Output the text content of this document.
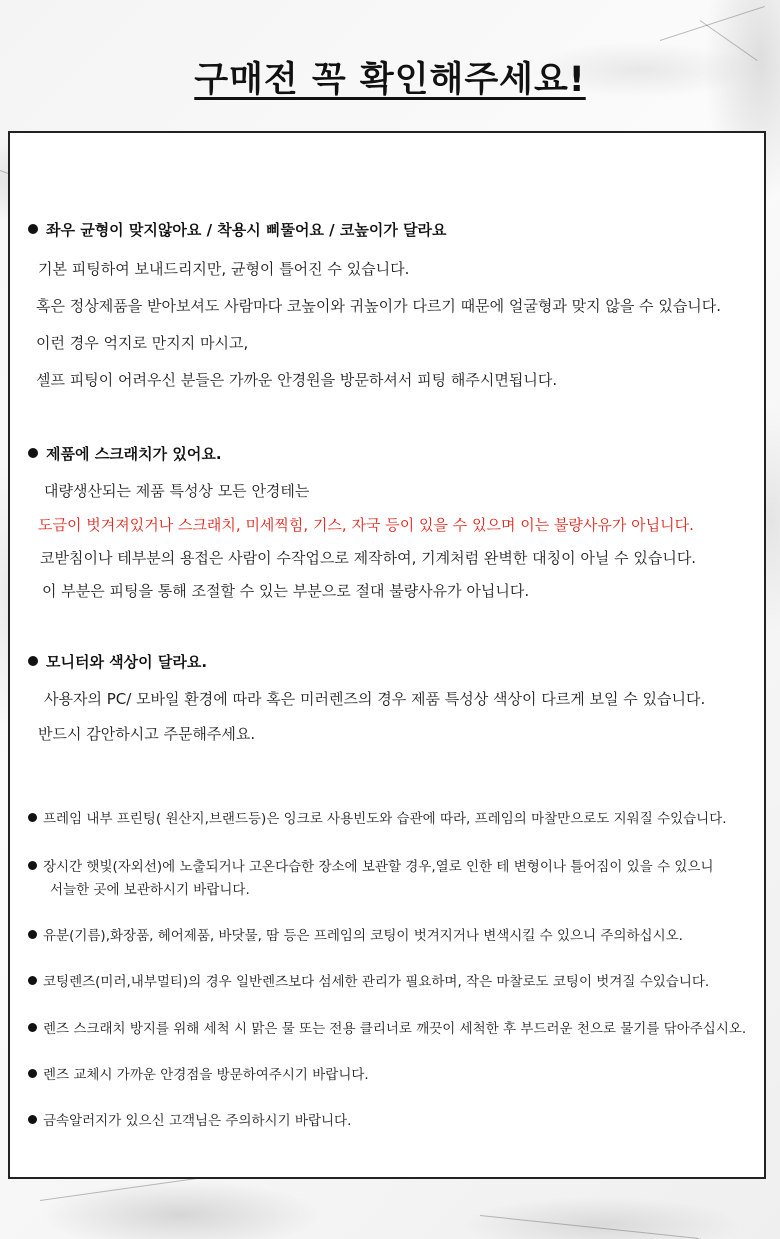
구매전 꼭 확인해주세요!
좌우 균형이 맞지않아요 / 착용시 삐뚤어요 / 코높이가 달라요
기본 피팅하여 보내드리지만, 균형이 틀어진 수 있습니다.
혹은 정상제품을 받아보셔도 사람마다 코높이와 귀높이가 다르기 때문에 얼굴형과 맞지 않을 수 있습니다.
이런 경우 억지로 만지지 마시고,
셀프 피팅이 어려우신 분들은 가까운 안경원을 방문하셔서 피팅 해주시면됩니다.
제품에 스크래치가 있어요.
대량생산되는 제품 특성상 모든 안경테는
도금이 벗겨져있거나 스크래치, 미세찍힘, 기스, 자국 등이 있을 수 있으며 이는 불량사유가 아닙니다.
코받침이나 테부분의 용접은 사람이 수작업으로 제작하여, 기계처럼 완벽한 대칭이 아닐 수 있습니다.
이 부분은 피팅을 통해 조절할 수 있는 부분으로 절대 불량사유가 아닙니다.
모니터와 색상이 달라요.
사용자의 PC/ 모바일 환경에 따라 혹은 미러렌즈의 경우 제품 특성상 색상이 다르게 보일 수 있습니다.
반드시 감안하시고 주문해주세요.
프레임 내부 프린팅( 원산지,브랜드등)은 잉크로 사용빈도와 습관에 따라, 프레임의 마찰만으로도 지워질 수있습니다.
장시간 햇빛(자외선)에 노출되거나 고온다습한 장소에 보관할 경우,열로 인한 테 변형이나 틀어짐이 있을 수 있으니
서늘한 곳에 보관하시기 바랍니다.
유분(기름),화장품, 헤어제품, 바닷물, 땀 등은 프레임의 코팅이 벗겨지거나 변색시킬 수 있으니 주의하십시오.
코팅렌즈(미러,내부멀티)의 경우 일반렌즈보다 섬세한 관리가 필요하며, 작은 마찰로도 코팅이 벗겨질 수있습니다.
렌즈 스크래치 방지를 위해 세척 시 맑은 물 또는 전용 클리너로 깨끗이 세척한 후 부드러운 천으로 물기를 닦아주십시오.
렌즈 교체시 가까운 안경점을 방문하여주시기 바랍니다.
금속알러지가 있으신 고객님은 주의하시기 바랍니다.
